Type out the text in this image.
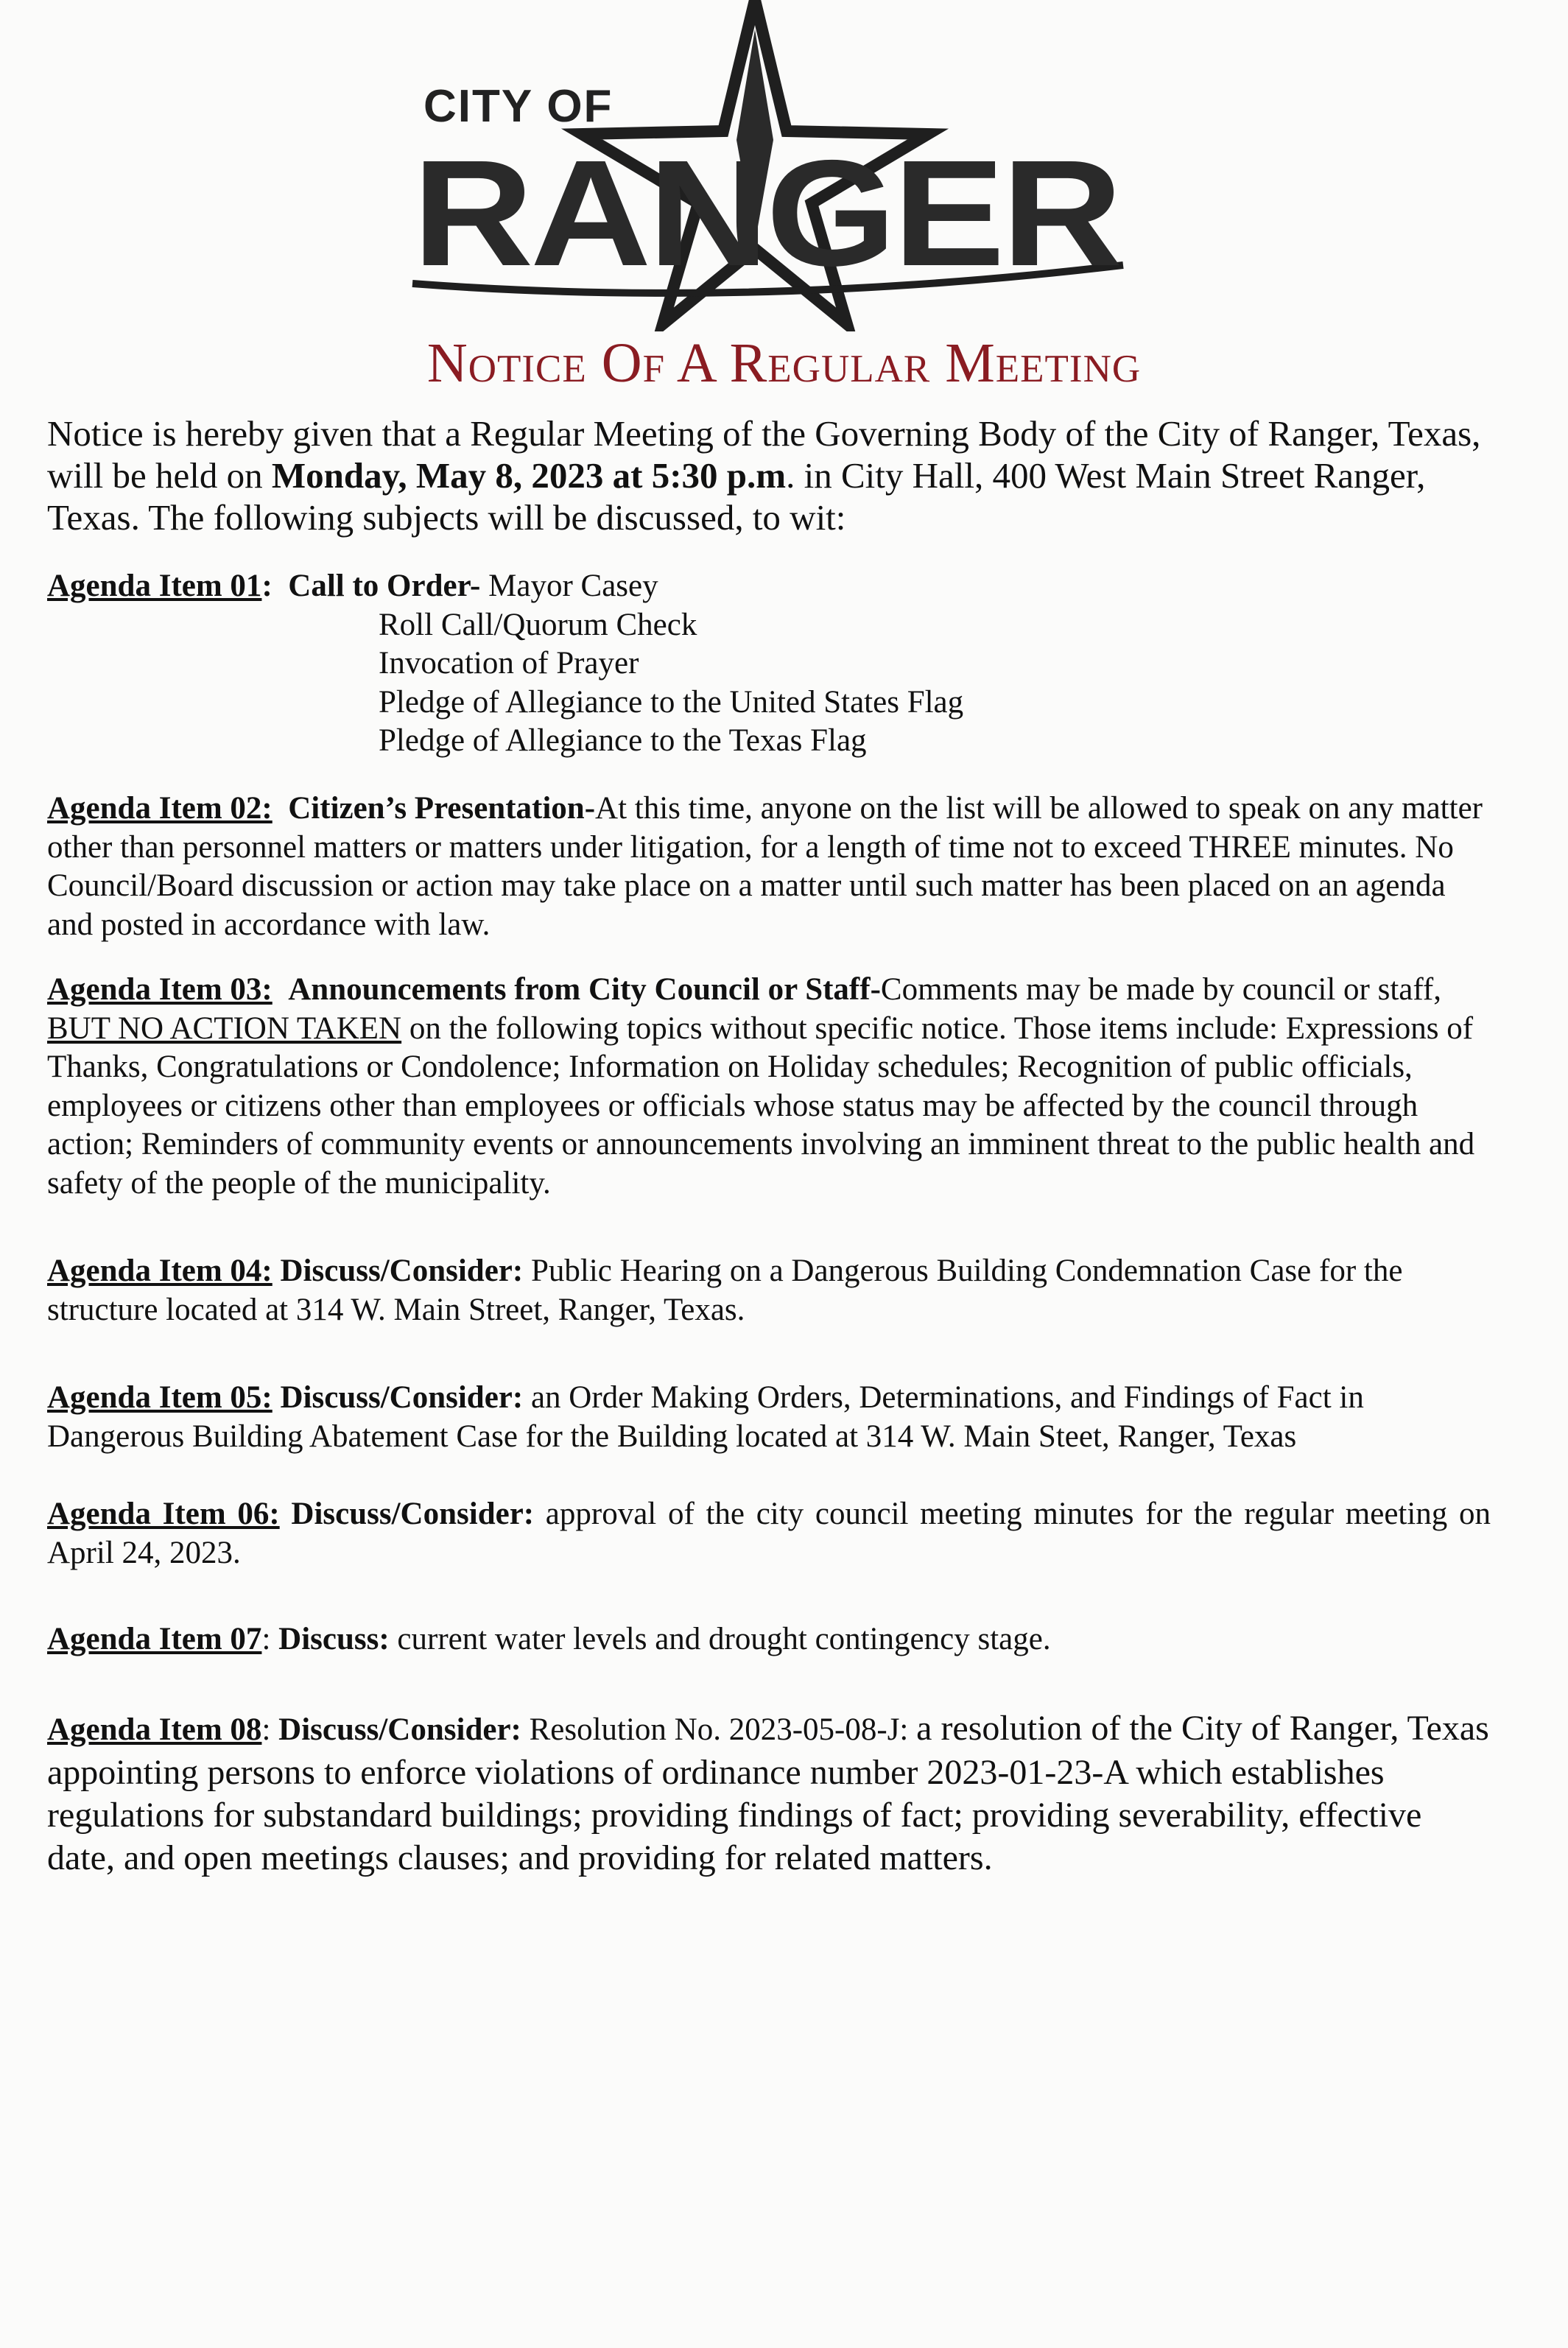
CITY OF
RANGER
Notice Of A Regular Meeting

Notice is hereby given that a Regular Meeting of the Governing Body of the City of Ranger, Texas, will be held on Monday, May 8, 2023 at 5:30 p.m. in City Hall, 400 West Main Street Ranger, Texas. The following subjects will be discussed, to wit:

Agenda Item 01: Call to Order- Mayor Casey
Roll Call/Quorum Check
Invocation of Prayer
Pledge of Allegiance to the United States Flag
Pledge of Allegiance to the Texas Flag

Agenda Item 02: Citizen’s Presentation-At this time, anyone on the list will be allowed to speak on any matter other than personnel matters or matters under litigation, for a length of time not to exceed THREE minutes. No Council/Board discussion or action may take place on a matter until such matter has been placed on an agenda and posted in accordance with law.

Agenda Item 03: Announcements from City Council or Staff-Comments may be made by council or staff, BUT NO ACTION TAKEN on the following topics without specific notice. Those items include: Expressions of Thanks, Congratulations or Condolence; Information on Holiday schedules; Recognition of public officials, employees or citizens other than employees or officials whose status may be affected by the council through action; Reminders of community events or announcements involving an imminent threat to the public health and safety of the people of the municipality.

Agenda Item 04: Discuss/Consider: Public Hearing on a Dangerous Building Condemnation Case for the structure located at 314 W. Main Street, Ranger, Texas.

Agenda Item 05: Discuss/Consider: an Order Making Orders, Determinations, and Findings of Fact in Dangerous Building Abatement Case for the Building located at 314 W. Main Steet, Ranger, Texas

Agenda Item 06: Discuss/Consider: approval of the city council meeting minutes for the regular meeting on April 24, 2023.

Agenda Item 07: Discuss: current water levels and drought contingency stage.

Agenda Item 08: Discuss/Consider: Resolution No. 2023-05-08-J: a resolution of the City of Ranger, Texas appointing persons to enforce violations of ordinance number 2023-01-23-A which establishes regulations for substandard buildings; providing findings of fact; providing severability, effective date, and open meetings clauses; and providing for related matters.
